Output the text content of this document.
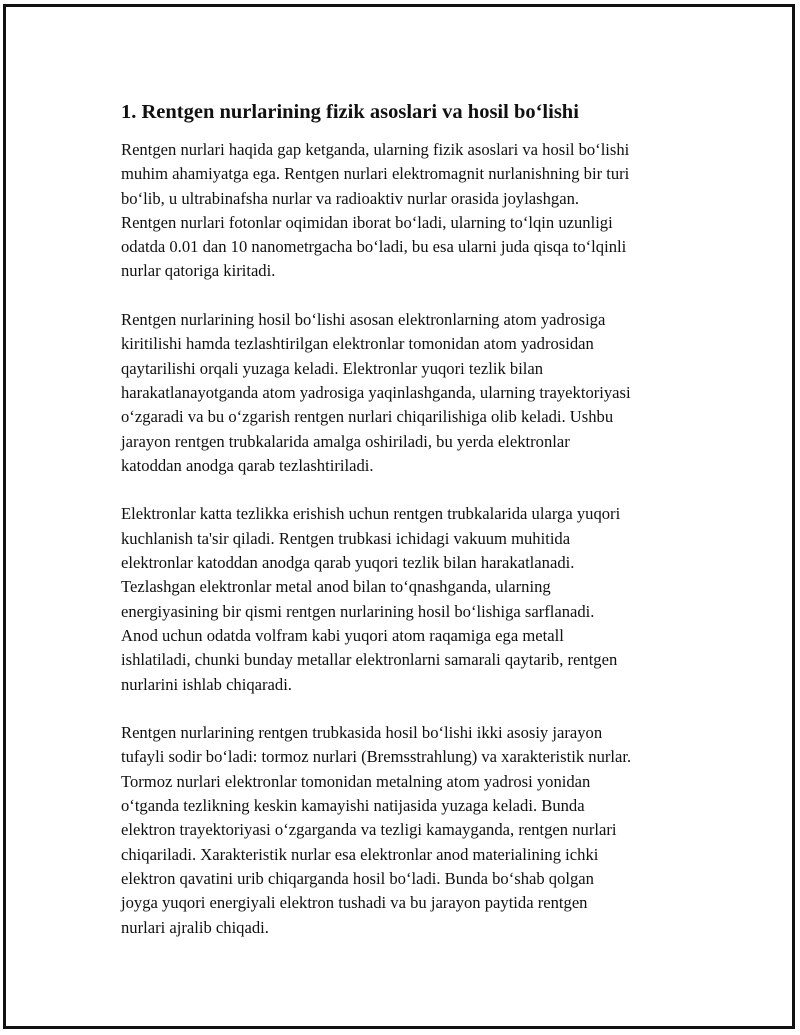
1. Rentgen nurlarining fizik asoslari va hosil bo‘lishi

Rentgen nurlari haqida gap ketganda, ularning fizik asoslari va hosil bo‘lishi
muhim ahamiyatga ega. Rentgen nurlari elektromagnit nurlanishning bir turi
bo‘lib, u ultrabinafsha nurlar va radioaktiv nurlar orasida joylashgan.
Rentgen nurlari fotonlar oqimidan iborat bo‘ladi, ularning to‘lqin uzunligi
odatda 0.01 dan 10 nanometrgacha bo‘ladi, bu esa ularni juda qisqa to‘lqinli
nurlar qatoriga kiritadi.

Rentgen nurlarining hosil bo‘lishi asosan elektronlarning atom yadrosiga
kiritilishi hamda tezlashtirilgan elektronlar tomonidan atom yadrosidan
qaytarilishi orqali yuzaga keladi. Elektronlar yuqori tezlik bilan
harakatlanayotganda atom yadrosiga yaqinlashganda, ularning trayektoriyasi
o‘zgaradi va bu o‘zgarish rentgen nurlari chiqarilishiga olib keladi. Ushbu
jarayon rentgen trubkalarida amalga oshiriladi, bu yerda elektronlar
katoddan anodga qarab tezlashtiriladi.

Elektronlar katta tezlikka erishish uchun rentgen trubkalarida ularga yuqori
kuchlanish ta'sir qiladi. Rentgen trubkasi ichidagi vakuum muhitida
elektronlar katoddan anodga qarab yuqori tezlik bilan harakatlanadi.
Tezlashgan elektronlar metal anod bilan to‘qnashganda, ularning
energiyasining bir qismi rentgen nurlarining hosil bo‘lishiga sarflanadi.
Anod uchun odatda volfram kabi yuqori atom raqamiga ega metall
ishlatiladi, chunki bunday metallar elektronlarni samarali qaytarib, rentgen
nurlarini ishlab chiqaradi.

Rentgen nurlarining rentgen trubkasida hosil bo‘lishi ikki asosiy jarayon
tufayli sodir bo‘ladi: tormoz nurlari (Bremsstrahlung) va xarakteristik nurlar.
Tormoz nurlari elektronlar tomonidan metalning atom yadrosi yonidan
o‘tganda tezlikning keskin kamayishi natijasida yuzaga keladi. Bunda
elektron trayektoriyasi o‘zgarganda va tezligi kamayganda, rentgen nurlari
chiqariladi. Xarakteristik nurlar esa elektronlar anod materialining ichki
elektron qavatini urib chiqarganda hosil bo‘ladi. Bunda bo‘shab qolgan
joyga yuqori energiyali elektron tushadi va bu jarayon paytida rentgen
nurlari ajralib chiqadi.
